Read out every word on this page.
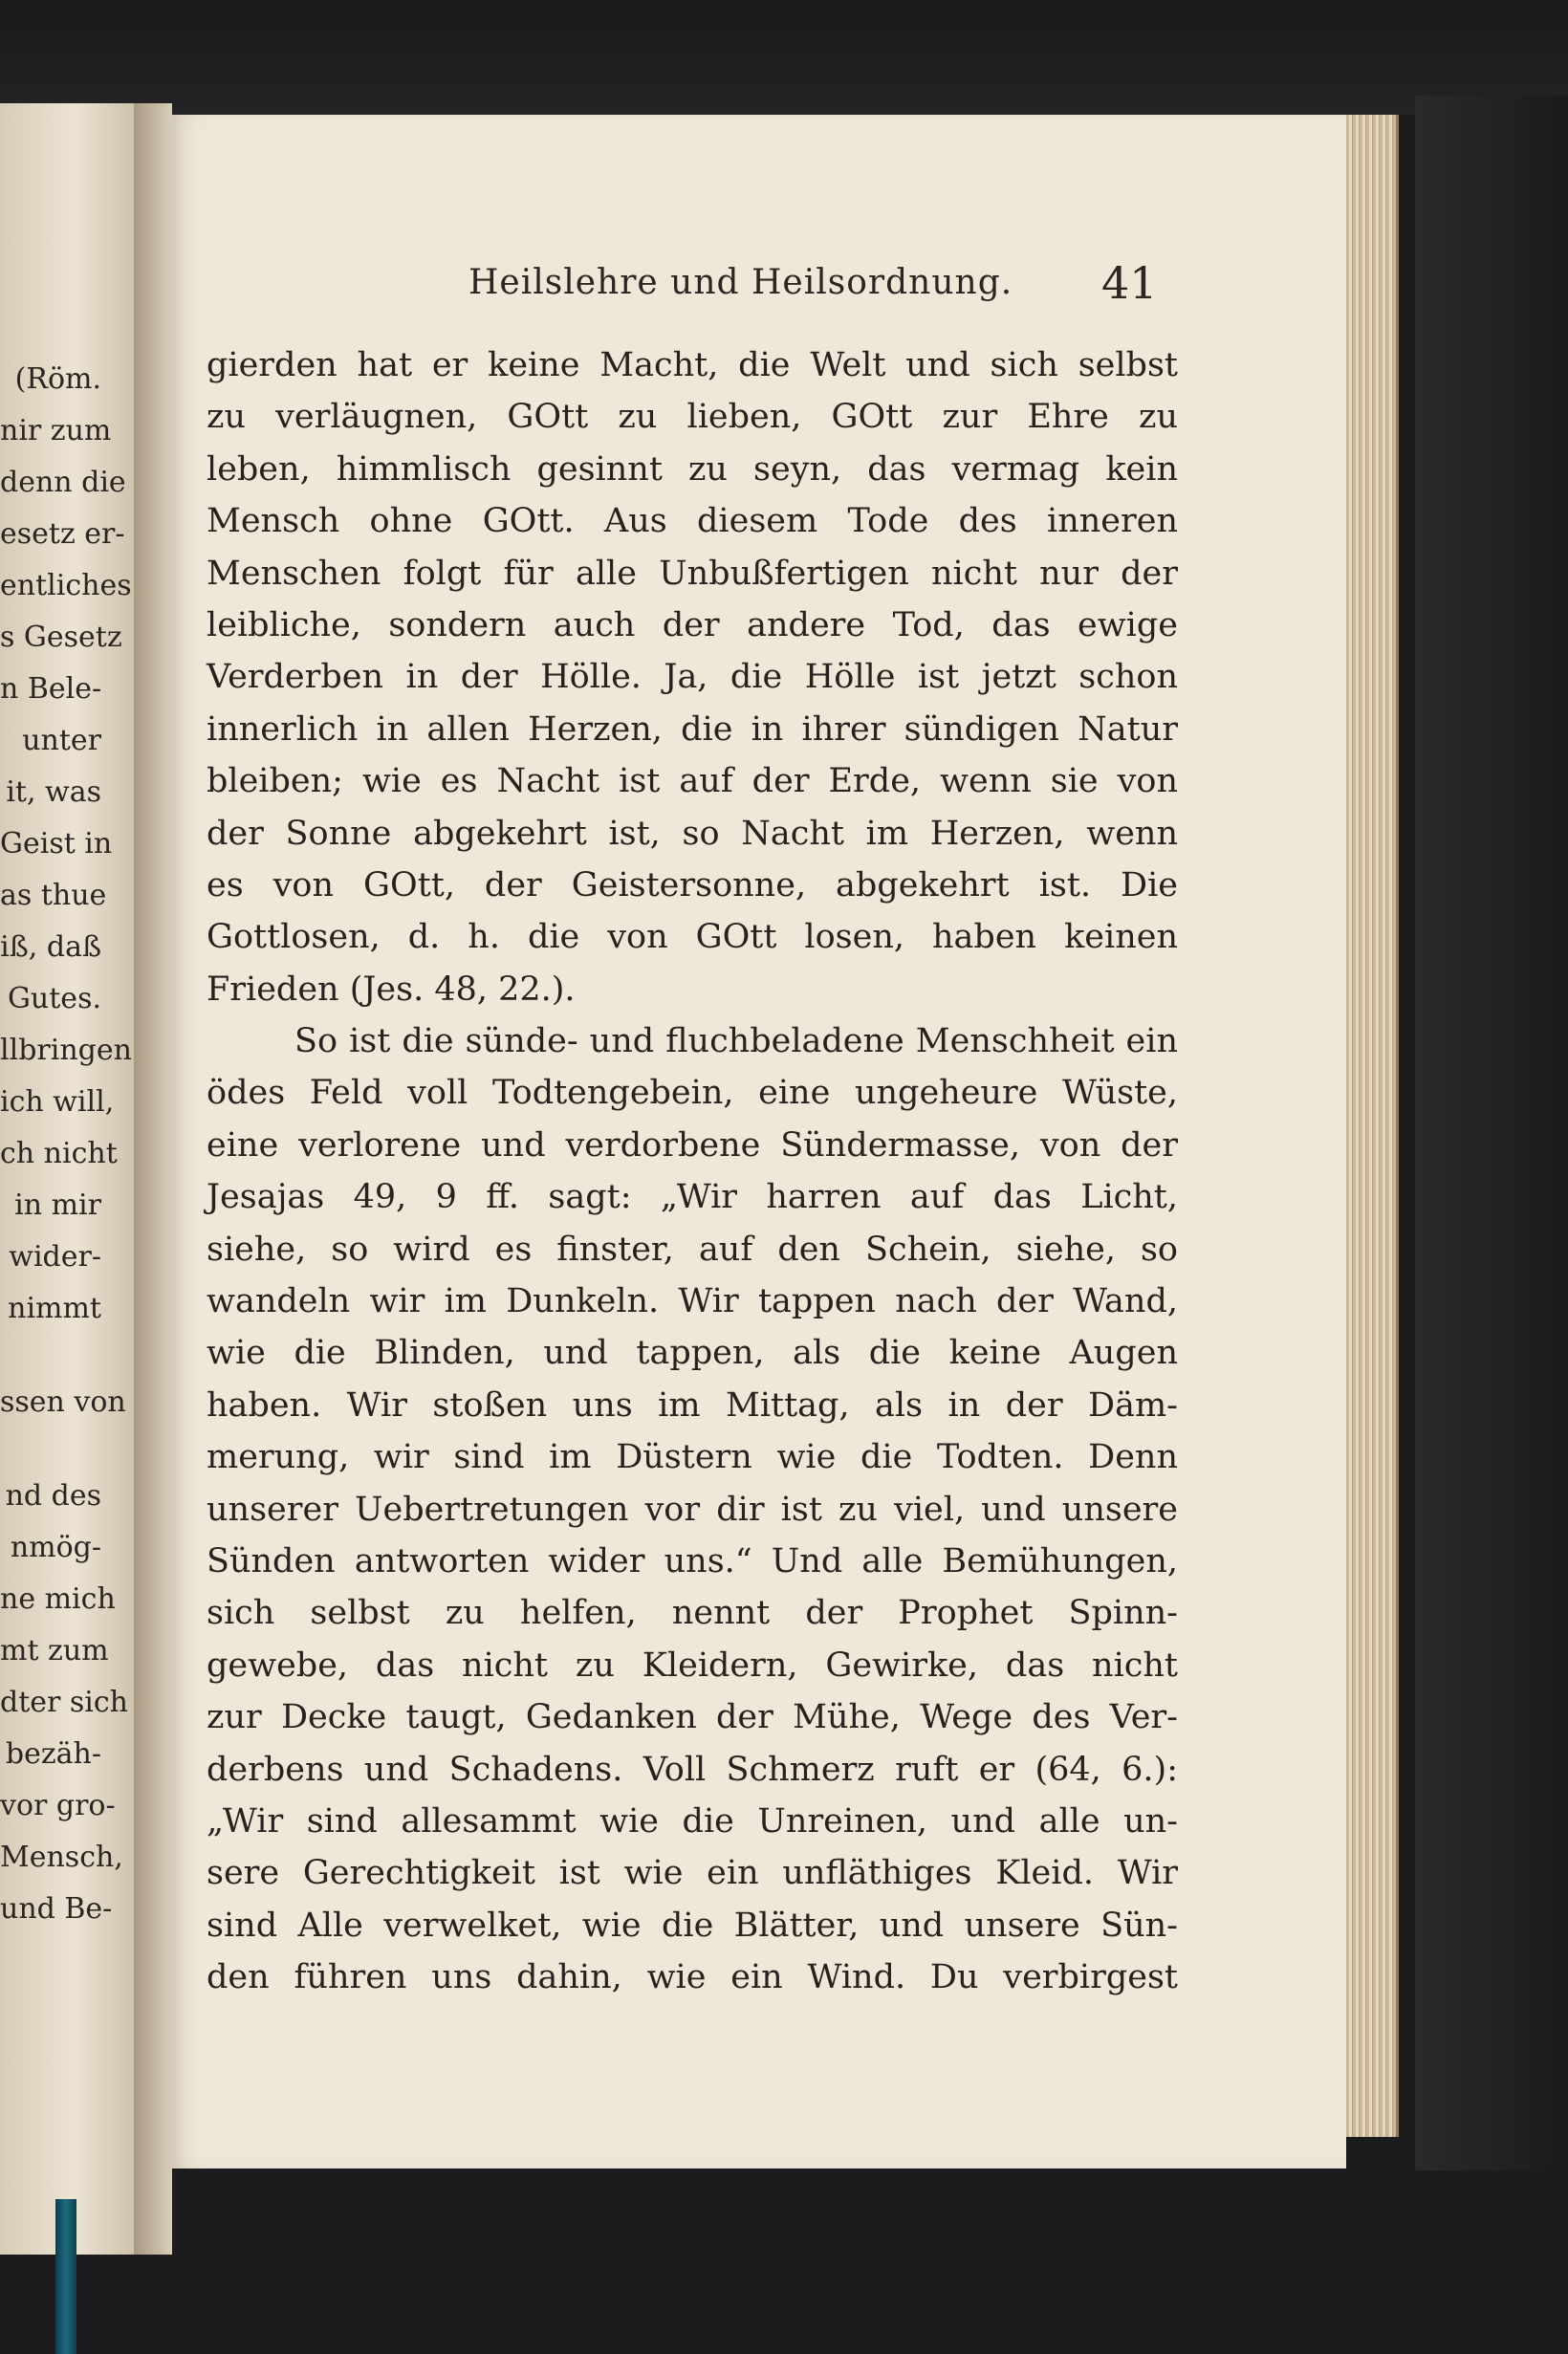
(Röm.
nir zum
denn die
esetz er-
entliches
s Gesetz
n Bele-
unter
it, was
Geist in
as thue
iß, daß
Gutes.
llbringen
ich will,
ch nicht
in mir
wider-
nimmt
ssen von
nd des
nmög-
ne mich
mt zum
dter sich
bezäh-
vor gro-
Mensch,
und Be-
Heilslehre und Heilsordnung. 41
gierden hat er keine Macht, die Welt und sich selbst
zu verläugnen, GOtt zu lieben, GOtt zur Ehre zu
leben, himmlisch gesinnt zu seyn, das vermag kein
Mensch ohne GOtt. Aus diesem Tode des inneren
Menschen folgt für alle Unbußfertigen nicht nur der
leibliche, sondern auch der andere Tod, das ewige
Verderben in der Hölle. Ja, die Hölle ist jetzt schon
innerlich in allen Herzen, die in ihrer sündigen Natur
bleiben; wie es Nacht ist auf der Erde, wenn sie von
der Sonne abgekehrt ist, so Nacht im Herzen, wenn
es von GOtt, der Geistersonne, abgekehrt ist. Die
Gottlosen, d. h. die von GOtt losen, haben keinen
Frieden (Jes. 48, 22.).
So ist die sünde- und fluchbeladene Menschheit ein
ödes Feld voll Todtengebein, eine ungeheure Wüste,
eine verlorene und verdorbene Sündermasse, von der
Jesajas 49, 9 ff. sagt: „Wir harren auf das Licht,
siehe, so wird es finster, auf den Schein, siehe, so
wandeln wir im Dunkeln. Wir tappen nach der Wand,
wie die Blinden, und tappen, als die keine Augen
haben. Wir stoßen uns im Mittag, als in der Däm-
merung, wir sind im Düstern wie die Todten. Denn
unserer Uebertretungen vor dir ist zu viel, und unsere
Sünden antworten wider uns.“ Und alle Bemühungen,
sich selbst zu helfen, nennt der Prophet Spinn-
gewebe, das nicht zu Kleidern, Gewirke, das nicht
zur Decke taugt, Gedanken der Mühe, Wege des Ver-
derbens und Schadens. Voll Schmerz ruft er (64, 6.):
„Wir sind allesammt wie die Unreinen, und alle un-
sere Gerechtigkeit ist wie ein unfläthiges Kleid. Wir
sind Alle verwelket, wie die Blätter, und unsere Sün-
den führen uns dahin, wie ein Wind. Du verbirgest
